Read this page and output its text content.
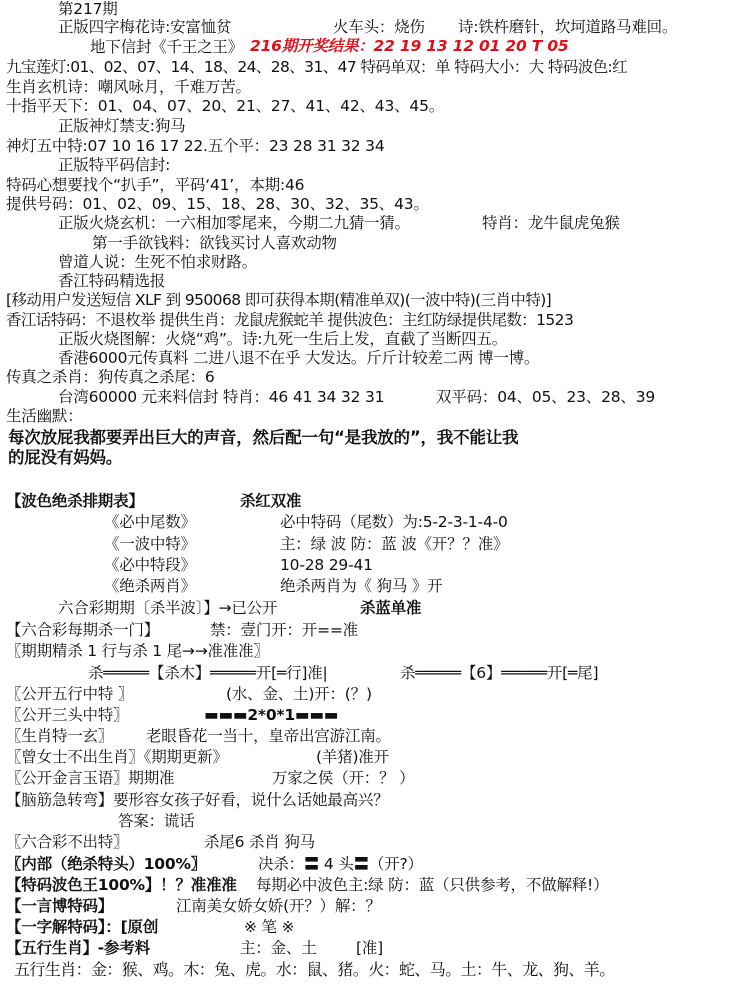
第217期
正版四字梅花诗:安富恤贫	火车头：烧伤 诗:铁杵磨针，坎坷道路马难回。
地下信封《千王之王》 216期开奖结果：22 19 13 12 01 20 T 05
九宝莲灯:01、02、07、14、18、24、28、31、47 特码单双：单 特码大小：大 特码波色:红
生肖玄机诗：嘲风咏月，千难万苦。
十指平天下：01、04、07、20、21、27、41、42、43、45。
正版神灯禁支:狗马
神灯五中特:07 10 16 17 22.五个平：23 28 31 32 34
正版特平码信封:
特码心想要找个“扒手”，平码‘41’，本期:46
提供号码：01、02、09、15、18、28、30、32、35、43。
正版火烧玄机：一六相加零尾来，今期二九猜一猜。	特肖：龙牛鼠虎兔猴
第一手欲钱料：欲钱买讨人喜欢动物
曾道人说：生死不怕求财路。
香江特码精选报
[移动用户发送短信 XLF 到 950068 即可获得本期(精准单双)(一波中特)(三肖中特)]
香江话特码：不退枚举 提供生肖：龙鼠虎猴蛇羊 提供波色：主红防绿提供尾数：1523
正版火烧图解：火烧“鸡”。诗:九死一生后上发，直截了当断四五。
香港6000元传真料 二进八退不在乎 大发达。斤斤计较差二两 博一博。
传真之杀肖：狗传真之杀尾：6
台湾60000 元来料信封 特肖：46 41 34 32 31	双平码：04、05、23、28、39
生活幽默：
每次放屁我都要弄出巨大的声音，然后配一句“是我放的”，我不能让我
的屁没有妈妈。
【波色绝杀排期表】	杀红双准
《必中尾数》	必中特码（尾数）为:5-2-3-1-4-0
《一波中特》	主：绿 波 防：蓝 波《开？？准》
《必中特段》	10-28 29-41
《绝杀两肖》	绝杀两肖为《 狗马 》开
六合彩期期〔杀半波〕】→已公开	杀蓝单准
【六合彩每期杀一门】	禁：壹门开：开==准
〖期期精杀 1 行与杀 1 尾→→准准准〗
杀═════【杀木】═════开[═行]准|	杀═════【6】═════开[═尾]
〖公开五行中特 〗	(水、金、土)开：(？)
〖公开三头中特〗	▬▬▬2*0*1▬▬▬
〖生肖特一玄〗 老眼昏花一当十，皇帝出宫游江南。
〖曾女士不出生肖〗《期期更新》	(羊猪)准开
〖公开金言玉语〗期期准	万家之侯（开：？ ）
【脑筋急转弯】要形容女孩子好看，说什么话她最高兴？
答案：谎话
〖六合彩不出特〗	杀尾6 杀肖 狗马
〖内部（绝杀特头）100%〗	决杀：〓 4 头〓（开?）
【特码波色王100%】！？准准准 每期必中波色主:绿 防：蓝（只供参考，不做解释!）
【一言博特码】	江南美女娇女娇(开？）解：？
【一字解特码】：[原创	※ 笔 ※
【五行生肖】-参考料	主：金、土	[准]
五行生肖：金：猴、鸡。木：兔、虎。水：鼠、猪。火：蛇、马。土：牛、龙、狗、羊。
